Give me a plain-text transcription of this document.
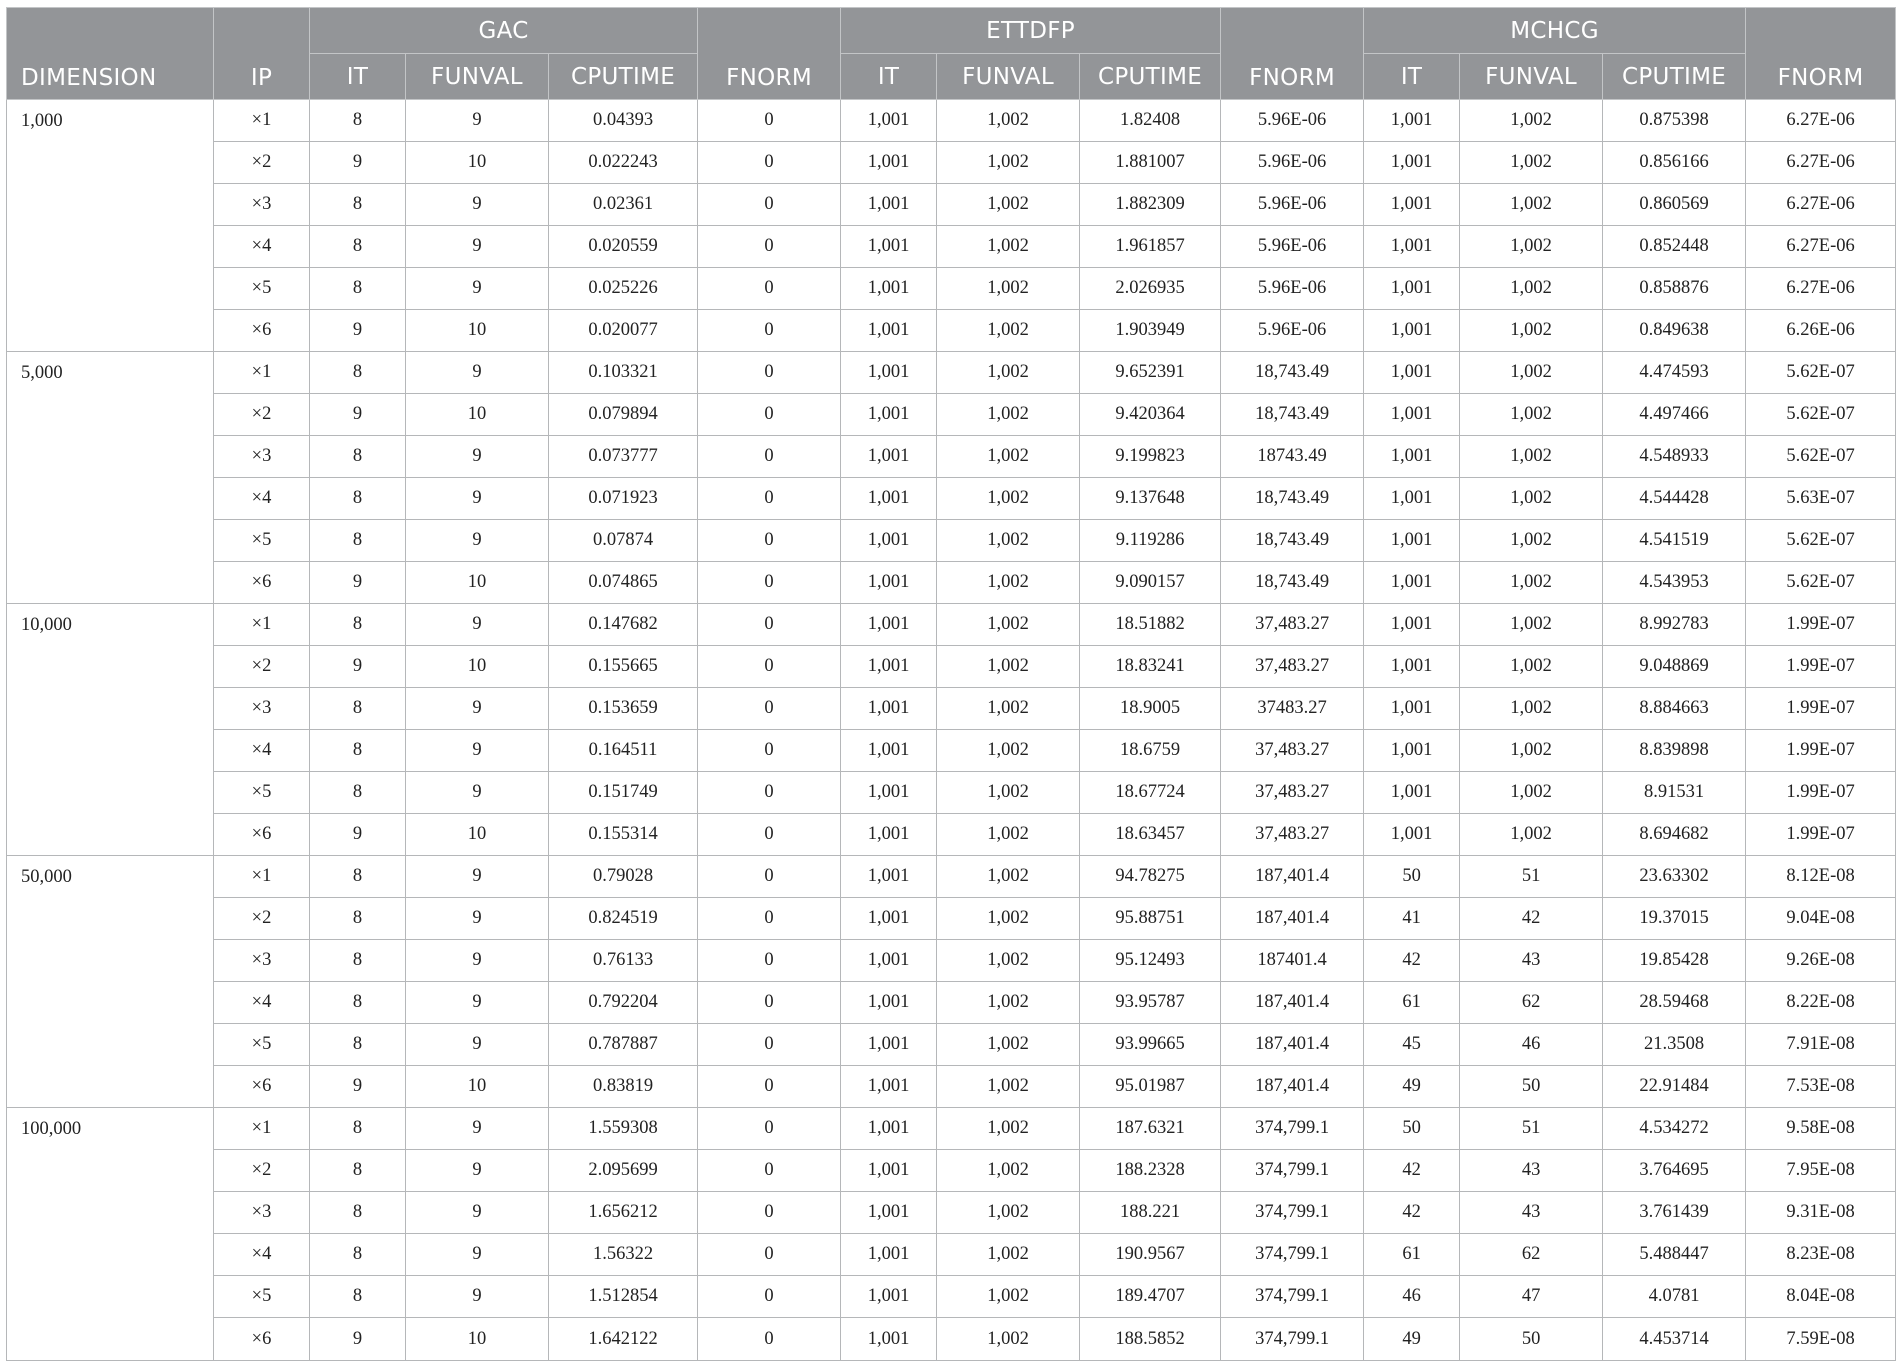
DIMENSION	IP	GAC			FNORM	ETTDFP			FNORM	MCHCG			FNORM
		IT	FUNVAL	CPUTIME		IT	FUNVAL	CPUTIME		IT	FUNVAL	CPUTIME	
1,000	×1	8	9	0.04393	0	1,001	1,002	1.82408	5.96E-06	1,001	1,002	0.875398	6.27E-06
	×2	9	10	0.022243	0	1,001	1,002	1.881007	5.96E-06	1,001	1,002	0.856166	6.27E-06
	×3	8	9	0.02361	0	1,001	1,002	1.882309	5.96E-06	1,001	1,002	0.860569	6.27E-06
	×4	8	9	0.020559	0	1,001	1,002	1.961857	5.96E-06	1,001	1,002	0.852448	6.27E-06
	×5	8	9	0.025226	0	1,001	1,002	2.026935	5.96E-06	1,001	1,002	0.858876	6.27E-06
	×6	9	10	0.020077	0	1,001	1,002	1.903949	5.96E-06	1,001	1,002	0.849638	6.26E-06
5,000	×1	8	9	0.103321	0	1,001	1,002	9.652391	18,743.49	1,001	1,002	4.474593	5.62E-07
	×2	9	10	0.079894	0	1,001	1,002	9.420364	18,743.49	1,001	1,002	4.497466	5.62E-07
	×3	8	9	0.073777	0	1,001	1,002	9.199823	18743.49	1,001	1,002	4.548933	5.62E-07
	×4	8	9	0.071923	0	1,001	1,002	9.137648	18,743.49	1,001	1,002	4.544428	5.63E-07
	×5	8	9	0.07874	0	1,001	1,002	9.119286	18,743.49	1,001	1,002	4.541519	5.62E-07
	×6	9	10	0.074865	0	1,001	1,002	9.090157	18,743.49	1,001	1,002	4.543953	5.62E-07
10,000	×1	8	9	0.147682	0	1,001	1,002	18.51882	37,483.27	1,001	1,002	8.992783	1.99E-07
	×2	9	10	0.155665	0	1,001	1,002	18.83241	37,483.27	1,001	1,002	9.048869	1.99E-07
	×3	8	9	0.153659	0	1,001	1,002	18.9005	37483.27	1,001	1,002	8.884663	1.99E-07
	×4	8	9	0.164511	0	1,001	1,002	18.6759	37,483.27	1,001	1,002	8.839898	1.99E-07
	×5	8	9	0.151749	0	1,001	1,002	18.67724	37,483.27	1,001	1,002	8.91531	1.99E-07
	×6	9	10	0.155314	0	1,001	1,002	18.63457	37,483.27	1,001	1,002	8.694682	1.99E-07
50,000	×1	8	9	0.79028	0	1,001	1,002	94.78275	187,401.4	50	51	23.63302	8.12E-08
	×2	8	9	0.824519	0	1,001	1,002	95.88751	187,401.4	41	42	19.37015	9.04E-08
	×3	8	9	0.76133	0	1,001	1,002	95.12493	187401.4	42	43	19.85428	9.26E-08
	×4	8	9	0.792204	0	1,001	1,002	93.95787	187,401.4	61	62	28.59468	8.22E-08
	×5	8	9	0.787887	0	1,001	1,002	93.99665	187,401.4	45	46	21.3508	7.91E-08
	×6	9	10	0.83819	0	1,001	1,002	95.01987	187,401.4	49	50	22.91484	7.53E-08
100,000	×1	8	9	1.559308	0	1,001	1,002	187.6321	374,799.1	50	51	4.534272	9.58E-08
	×2	8	9	2.095699	0	1,001	1,002	188.2328	374,799.1	42	43	3.764695	7.95E-08
	×3	8	9	1.656212	0	1,001	1,002	188.221	374,799.1	42	43	3.761439	9.31E-08
	×4	8	9	1.56322	0	1,001	1,002	190.9567	374,799.1	61	62	5.488447	8.23E-08
	×5	8	9	1.512854	0	1,001	1,002	189.4707	374,799.1	46	47	4.0781	8.04E-08
	×6	9	10	1.642122	0	1,001	1,002	188.5852	374,799.1	49	50	4.453714	7.59E-08
